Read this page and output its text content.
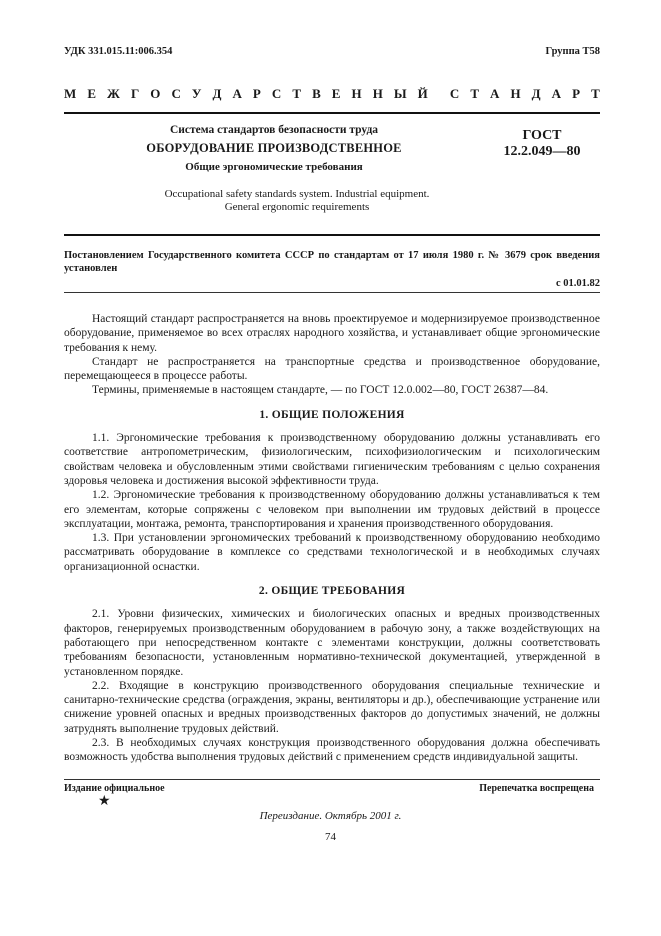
УДК 331.015.11:006.354	Группа Т58
М Е Ж Г О С У Д А Р С Т В Е Н Н Ы Й С Т А Н Д А Р Т
Система стандартов безопасности труда
ОБОРУДОВАНИЕ ПРОИЗВОДСТВЕННОЕ
Общие эргономические требования
ГОСТ
12.2.049—80
Occupational safety standards system. Industrial equipment.
General ergonomic requirements
Постановлением Государственного комитета СССР по стандартам от 17 июля 1980 г. № 3679 срок введения установлен
с 01.01.82

Настоящий стандарт распространяется на вновь проектируемое и модернизируемое производственное оборудование, применяемое во всех отраслях народного хозяйства, и устанавливает общие эргономические требования к нему.

Стандарт не распространяется на транспортные средства и производственное оборудование, перемещающееся в процессе работы.

Термины, применяемые в настоящем стандарте, — по ГОСТ 12.0.002—80, ГОСТ 26387—84.

1. ОБЩИЕ ПОЛОЖЕНИЯ

1.1. Эргономические требования к производственному оборудованию должны устанавливать его соответствие антропометрическим, физиологическим, психофизиологическим и психологическим свойствам человека и обусловленным этими свойствами гигиеническим требованиям с целью сохранения здоровья человека и достижения высокой эффективности труда.

1.2. Эргономические требования к производственному оборудованию должны устанавливаться к тем его элементам, которые сопряжены с человеком при выполнении им трудовых действий в процессе эксплуатации, монтажа, ремонта, транспортирования и хранения производственного оборудования.

1.3. При установлении эргономических требований к производственному оборудованию необходимо рассматривать оборудование в комплексе со средствами технологической и в необходимых случаях организационной оснастки.

2. ОБЩИЕ ТРЕБОВАНИЯ

2.1. Уровни физических, химических и биологических опасных и вредных производственных факторов, генерируемых производственным оборудованием в рабочую зону, а также воздействующих на работающего при непосредственном контакте с элементами конструкции, должны соответствовать требованиям безопасности, установленным нормативно-технической документацией, утвержденной в установленном порядке.

2.2. Входящие в конструкцию производственного оборудования специальные технические и санитарно-технические средства (ограждения, экраны, вентиляторы и др.), обеспечивающие устранение или снижение уровней опасных и вредных производственных факторов до допустимых значений, не должны затруднять выполнение трудовых действий.

2.3. В необходимых случаях конструкция производственного оборудования должна обеспечивать возможность удобства выполнения трудовых действий с применением средств индивидуальной защиты.

Издание официальное	Перепечатка воспрещена
★
Переиздание. Октябрь 2001 г.
74
